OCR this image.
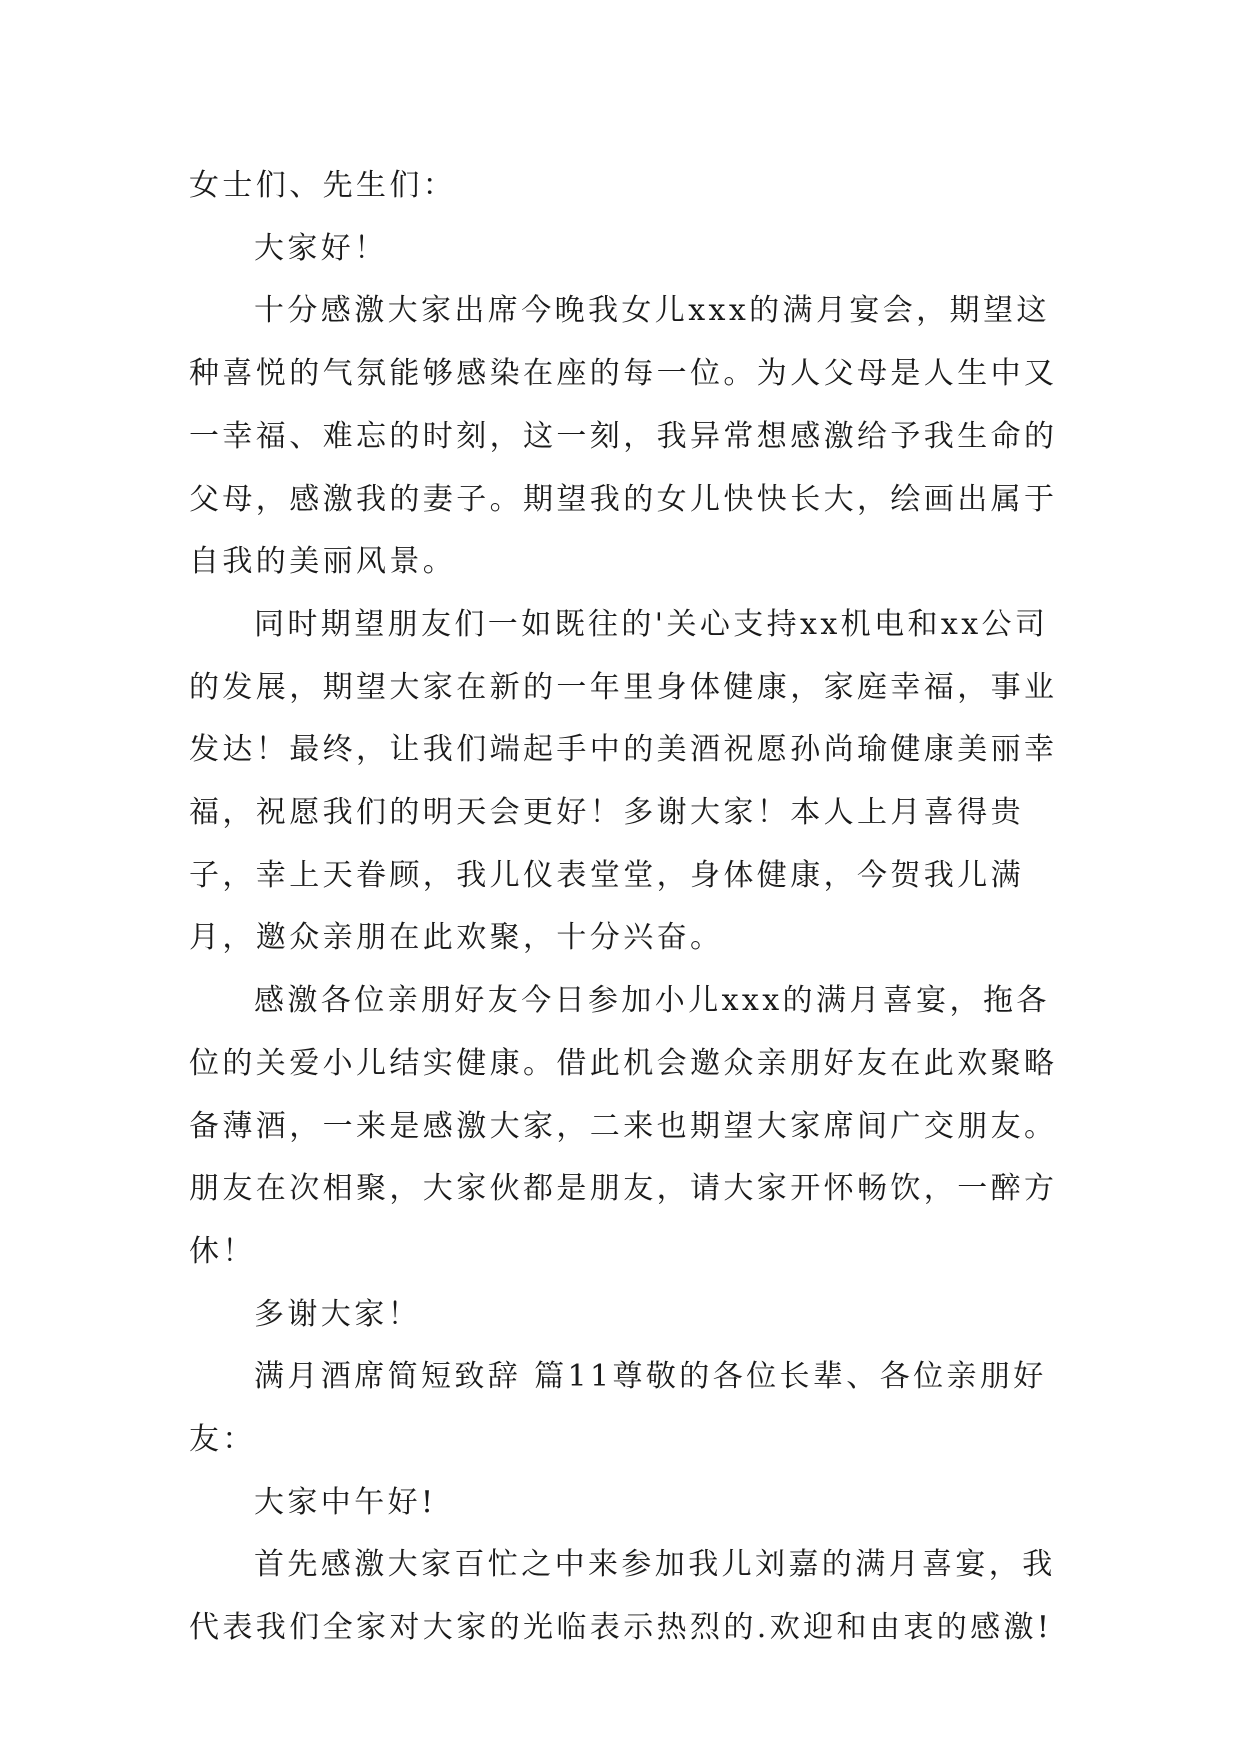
女士们、先生们：

大家好！

十分感激大家出席今晚我女儿xxx的满月宴会，期望这种喜悦的气氛能够感染在座的每一位。为人父母是人生中又一幸福、难忘的时刻，这一刻，我异常想感激给予我生命的父母，感激我的妻子。期望我的女儿快快长大，绘画出属于自我的美丽风景。

同时期望朋友们一如既往的'关心支持xx机电和xx公司的发展，期望大家在新的一年里身体健康，家庭幸福，事业发达！最终，让我们端起手中的美酒祝愿孙尚瑜健康美丽幸福，祝愿我们的明天会更好！多谢大家！本人上月喜得贵子，幸上天眷顾，我儿仪表堂堂，身体健康，今贺我儿满月，邀众亲朋在此欢聚，十分兴奋。

感激各位亲朋好友今日参加小儿xxx的满月喜宴，拖各位的关爱小儿结实健康。借此机会邀众亲朋好友在此欢聚略备薄酒，一来是感激大家，二来也期望大家席间广交朋友。朋友在次相聚，大家伙都是朋友，请大家开怀畅饮，一醉方休！

多谢大家！

满月酒席简短致辞 篇11尊敬的各位长辈、各位亲朋好友：

大家中午好!

首先感激大家百忙之中来参加我儿刘嘉的满月喜宴，我代表我们全家对大家的光临表示热烈的.欢迎和由衷的感激!
